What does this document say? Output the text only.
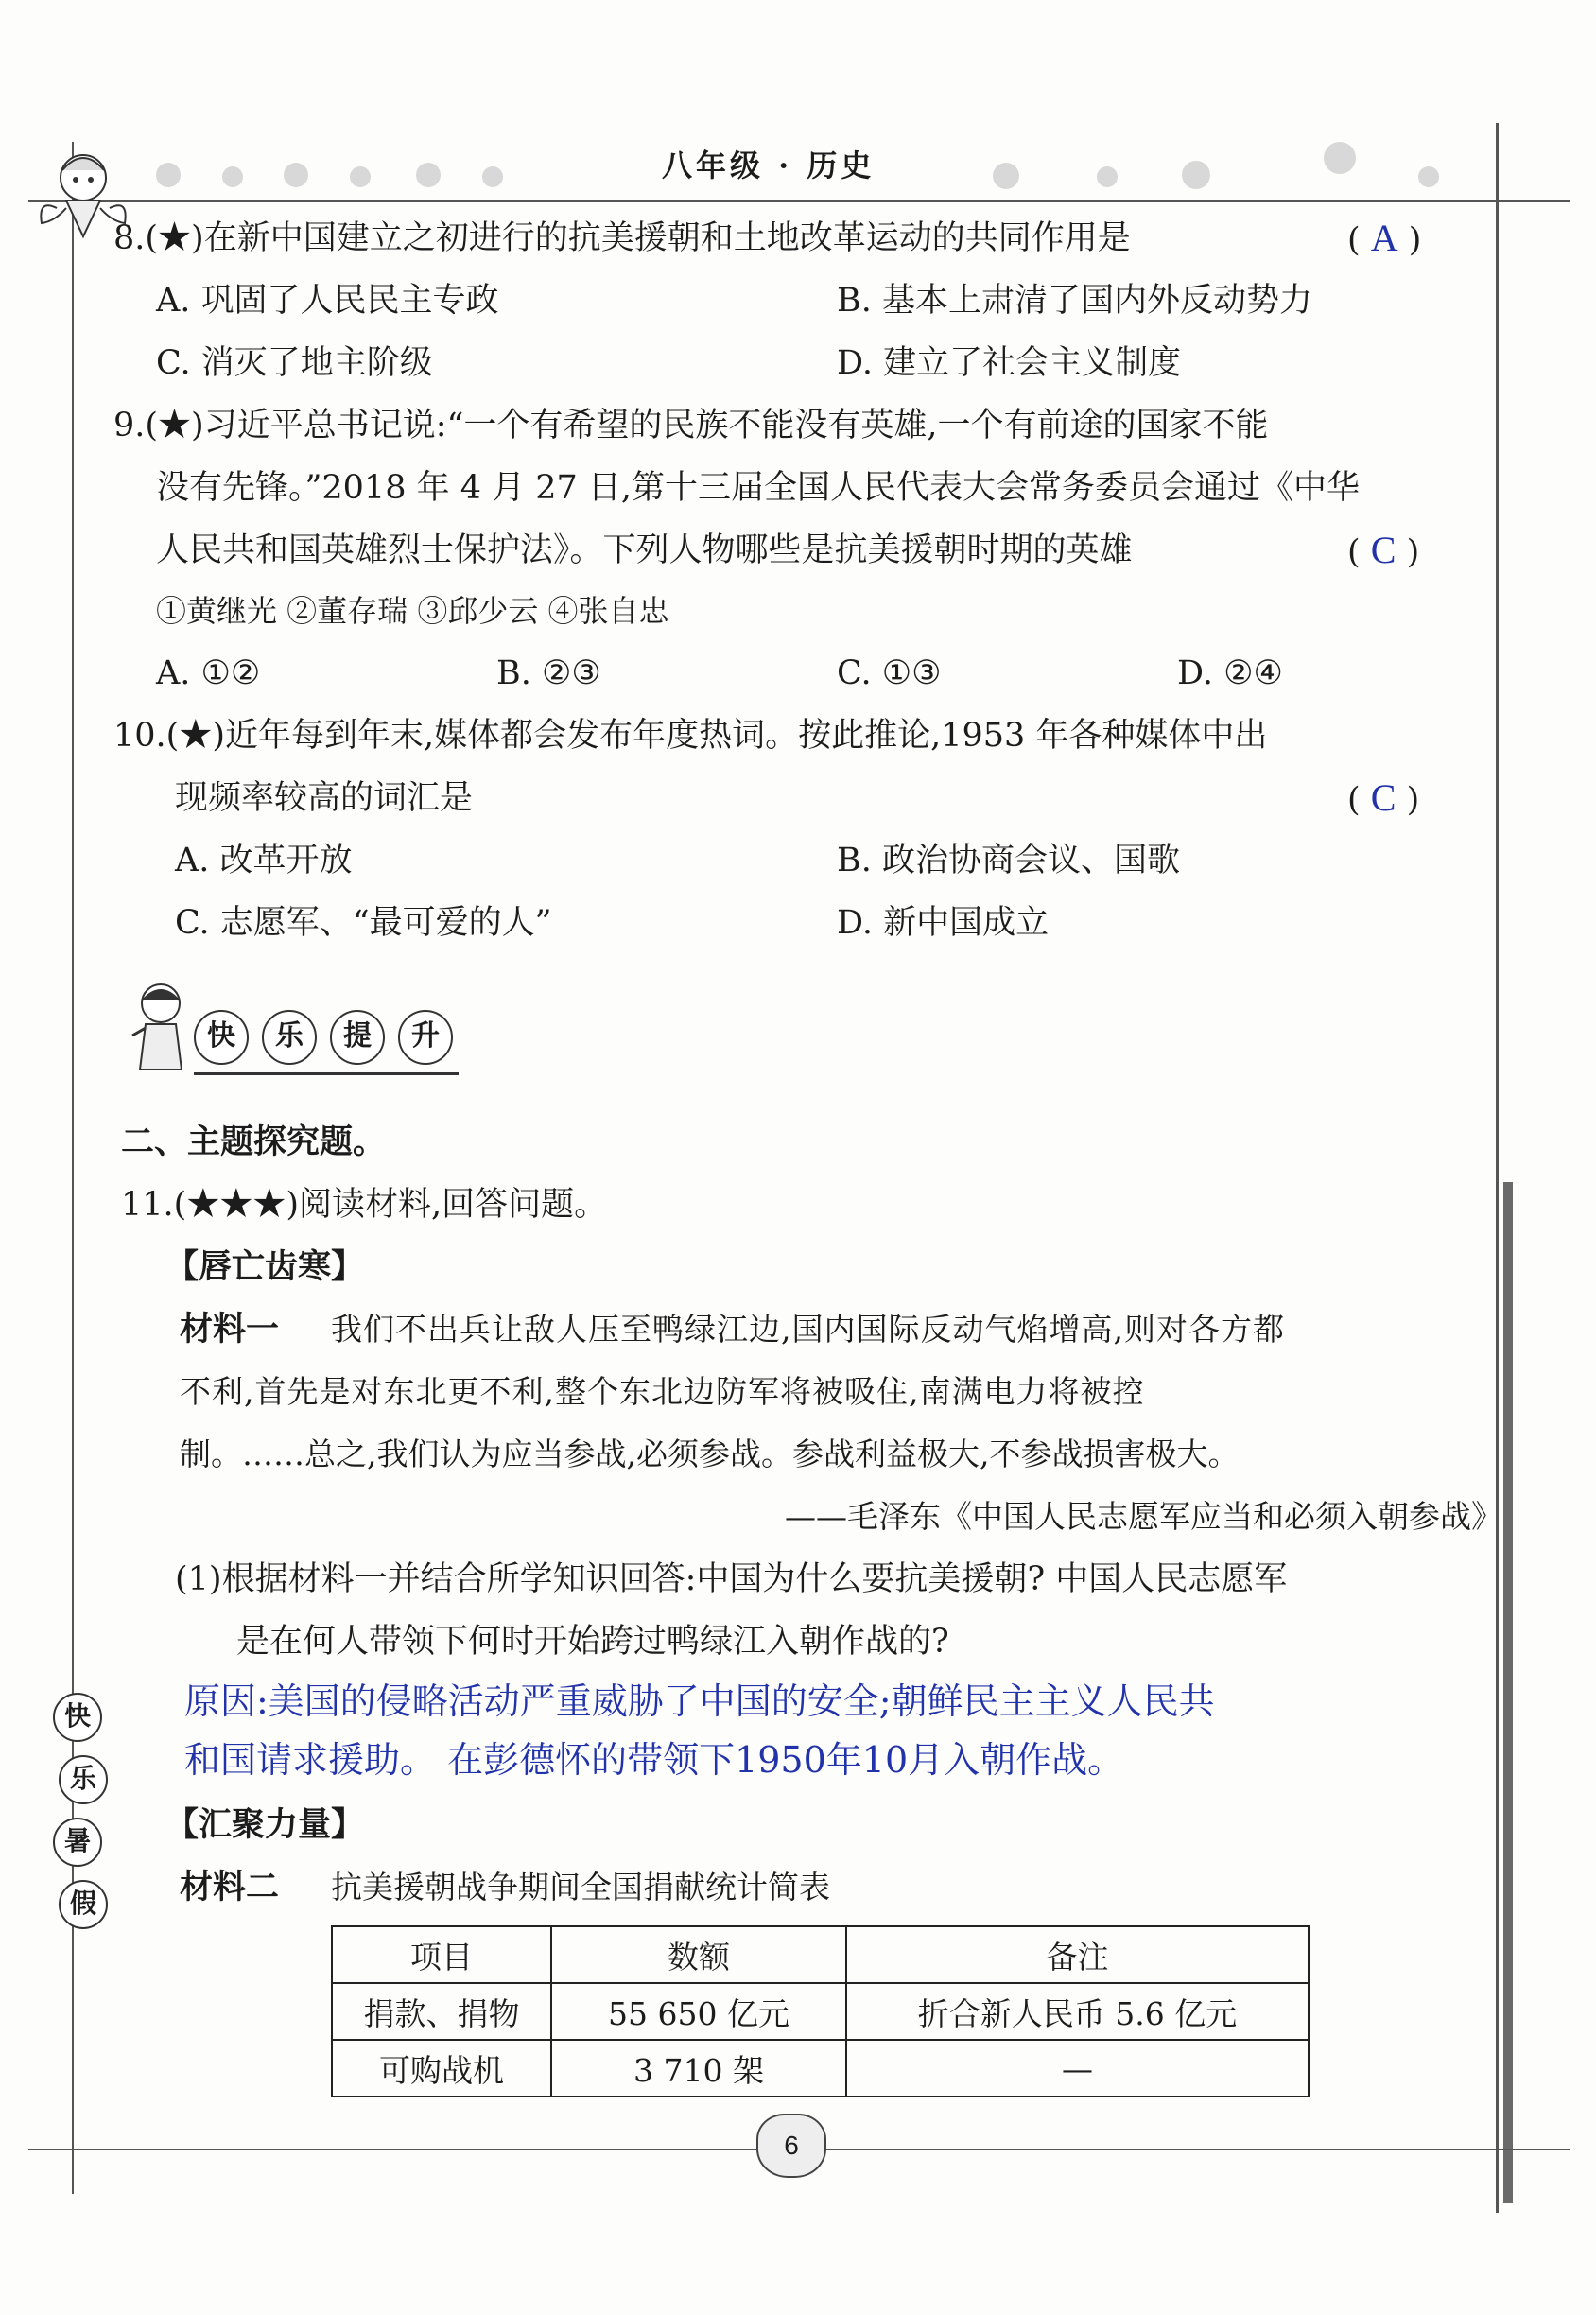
八年级 · 历史
8.(★)在新中国建立之初进行的抗美援朝和土地改革运动的共同作用是	( A )
A. 巩固了人民民主专政	B. 基本上肃清了国内外反动势力
C. 消灭了地主阶级	D. 建立了社会主义制度
9.(★)习近平总书记说:“一个有希望的民族不能没有英雄,一个有前途的国家不能
没有先锋。”2018 年 4 月 27 日,第十三届全国人民代表大会常务委员会通过《中华
人民共和国英雄烈士保护法》。下列人物哪些是抗美援朝时期的英雄	( C )
①黄继光 ②董存瑞 ③邱少云 ④张自忠
A. ①②	B. ②③	C. ①③	D. ②④
10.(★)近年每到年末,媒体都会发布年度热词。按此推论,1953 年各种媒体中出
现频率较高的词汇是	( C )
A. 改革开放	B. 政治协商会议、国歌
C. 志愿军、“最可爱的人”	D. 新中国成立
快 乐 提 升
二、主题探究题。
11.(★★★)阅读材料,回答问题。
【唇亡齿寒】
材料一 我们不出兵让敌人压至鸭绿江边,国内国际反动气焰增高,则对各方都
不利,首先是对东北更不利,整个东北边防军将被吸住,南满电力将被控
制。……总之,我们认为应当参战,必须参战。参战利益极大,不参战损害极大。
——毛泽东《中国人民志愿军应当和必须入朝参战》
(1)根据材料一并结合所学知识回答:中国为什么要抗美援朝? 中国人民志愿军
是在何人带领下何时开始跨过鸭绿江入朝作战的?
原因:美国的侵略活动严重威胁了中国的安全;朝鲜民主主义人民共
和国请求援助。 在彭德怀的带领下1950年10月入朝作战。
【汇聚力量】
材料二 抗美援朝战争期间全国捐献统计简表
项目	数额	备注
捐款、捐物	55 650 亿元	折合新人民币 5.6 亿元
可购战机	3 710 架	—
快
乐
暑
假
6
